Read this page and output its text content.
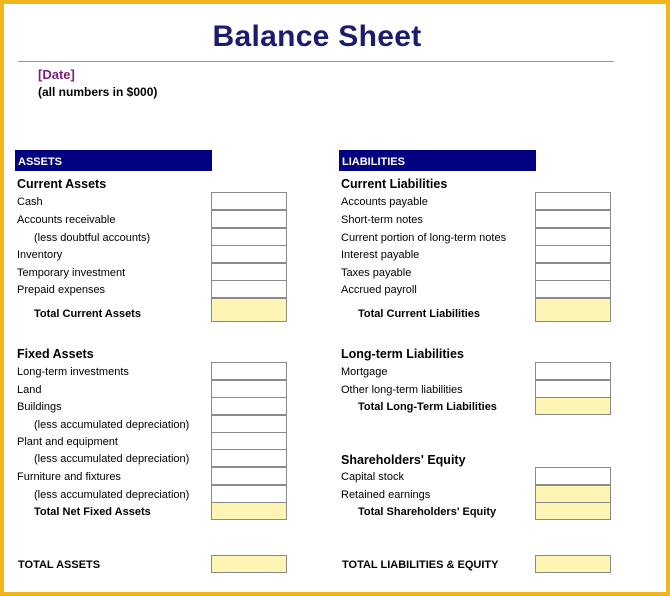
Balance Sheet
[Date]
(all numbers in $000)
ASSETS
Current Assets
Cash
Accounts receivable
(less doubtful accounts)
Inventory
Temporary investment
Prepaid expenses
Total Current Assets
Fixed Assets
Long-term investments
Land
Buildings
(less accumulated depreciation)
Plant and equipment
(less accumulated depreciation)
Furniture and fixtures
(less accumulated depreciation)
Total Net Fixed Assets
TOTAL ASSETS
LIABILITIES
Current Liabilities
Accounts payable
Short-term notes
Current portion of long-term notes
Interest payable
Taxes payable
Accrued payroll
Total Current Liabilities
Long-term Liabilities
Mortgage
Other long-term liabilities
Total Long-Term Liabilities
Shareholders' Equity
Capital stock
Retained earnings
Total Shareholders' Equity
TOTAL LIABILITIES & EQUITY
